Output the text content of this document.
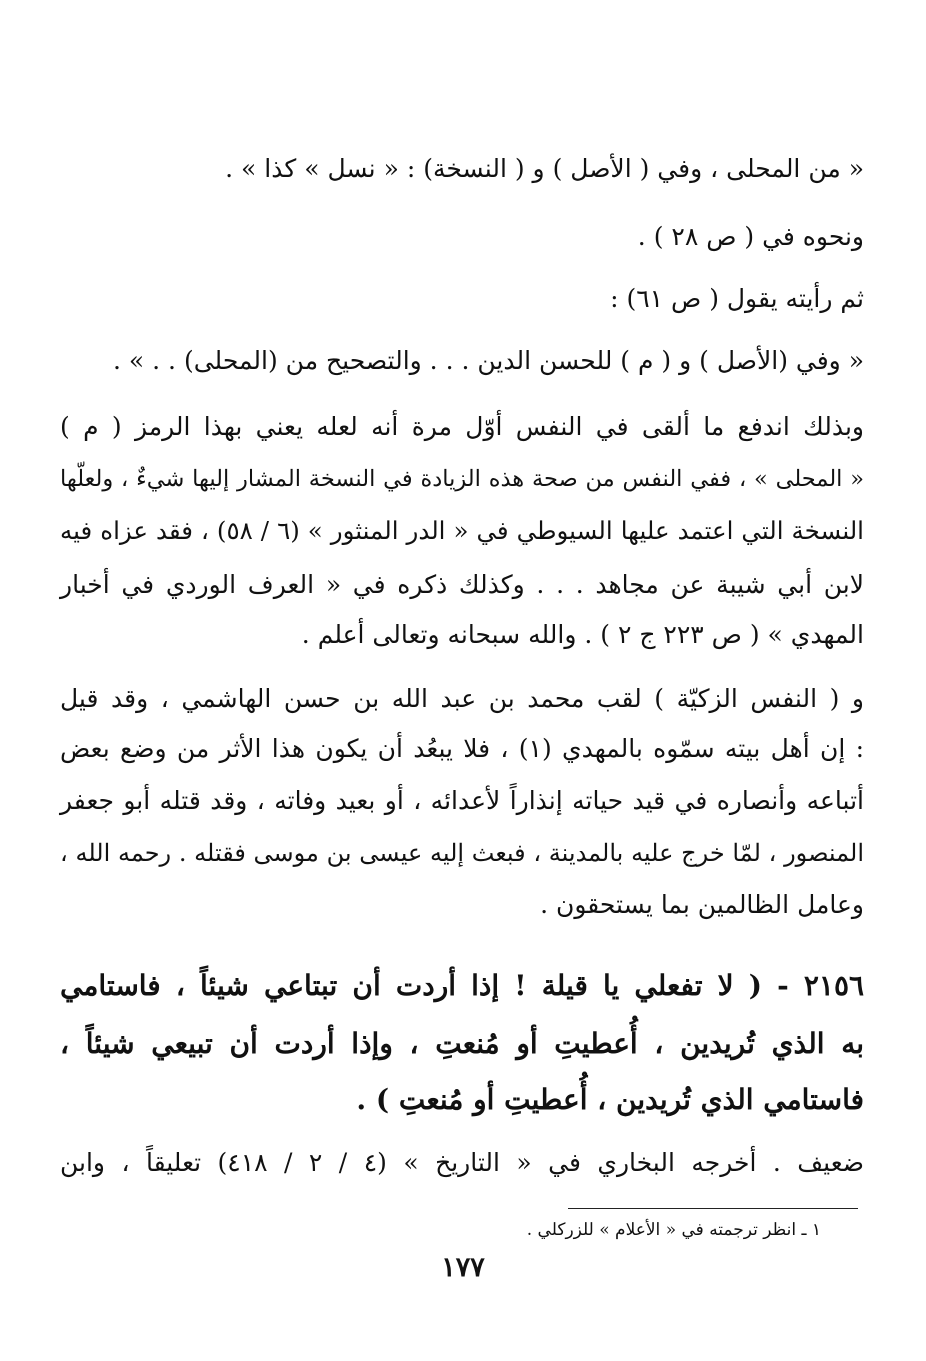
« من المحلى ، وفي ( الأصل ) و ( النسخة) : « نسل » كذا » .
ونحوه في ( ص ٢٨ ) .
ثم رأيته يقول ( ص ٦١) :
« وفي (الأصل ) و ( م ) للحسن الدين . . . والتصحيح من (المحلى) . . » .
وبذلك اندفع ما ألقى في النفس أوّل مرة أنه لعله يعني بهذا الرمز ( م )
« المحلى » ، ففي النفس من صحة هذه الزيادة في النسخة المشار إليها شيءٌ ، ولعلّها
النسخة التي اعتمد عليها السيوطي في « الدر المنثور » (٦ / ٥٨) ، فقد عزاه فيه
لابن أبي شيبة عن مجاهد . . . وكذلك ذكره في « العرف الوردي في أخبار
المهدي » ( ص ٢٢٣ ج ٢ ) . والله سبحانه وتعالى أعلم .
و ( النفس الزكيّة ) لقب محمد بن عبد الله بن حسن الهاشمي ، وقد قيل
: إن أهل بيته سمّوه بالمهدي (١) ، فلا يبعُد أن يكون هذا الأثر من وضع بعض
أتباعه وأنصاره في قيد حياته إنذاراً لأعدائه ، أو بعيد وفاته ، وقد قتله أبو جعفر
المنصور ، لمّا خرج عليه بالمدينة ، فبعث إليه عيسى بن موسى فقتله . رحمه الله ،
وعامل الظالمين بما يستحقون .
٢١٥٦ - ( لا تفعلي يا قيلة ! إذا أردت أن تبتاعي شيئاً ، فاستامي
به الذي تُريدين ، أُعطيتِ أو مُنعتِ ، وإذا أردت أن تبيعي شيئاً ،
فاستامي الذي تُريدين ، أُعطيتِ أو مُنعتِ ) .
ضعيف . أخرجه البخاري في « التاريخ » (٤ / ٢ / ٤١٨) تعليقاً ، وابن
١ ـ انظر ترجمته في « الأعلام » للزركلي .
١٧٧
